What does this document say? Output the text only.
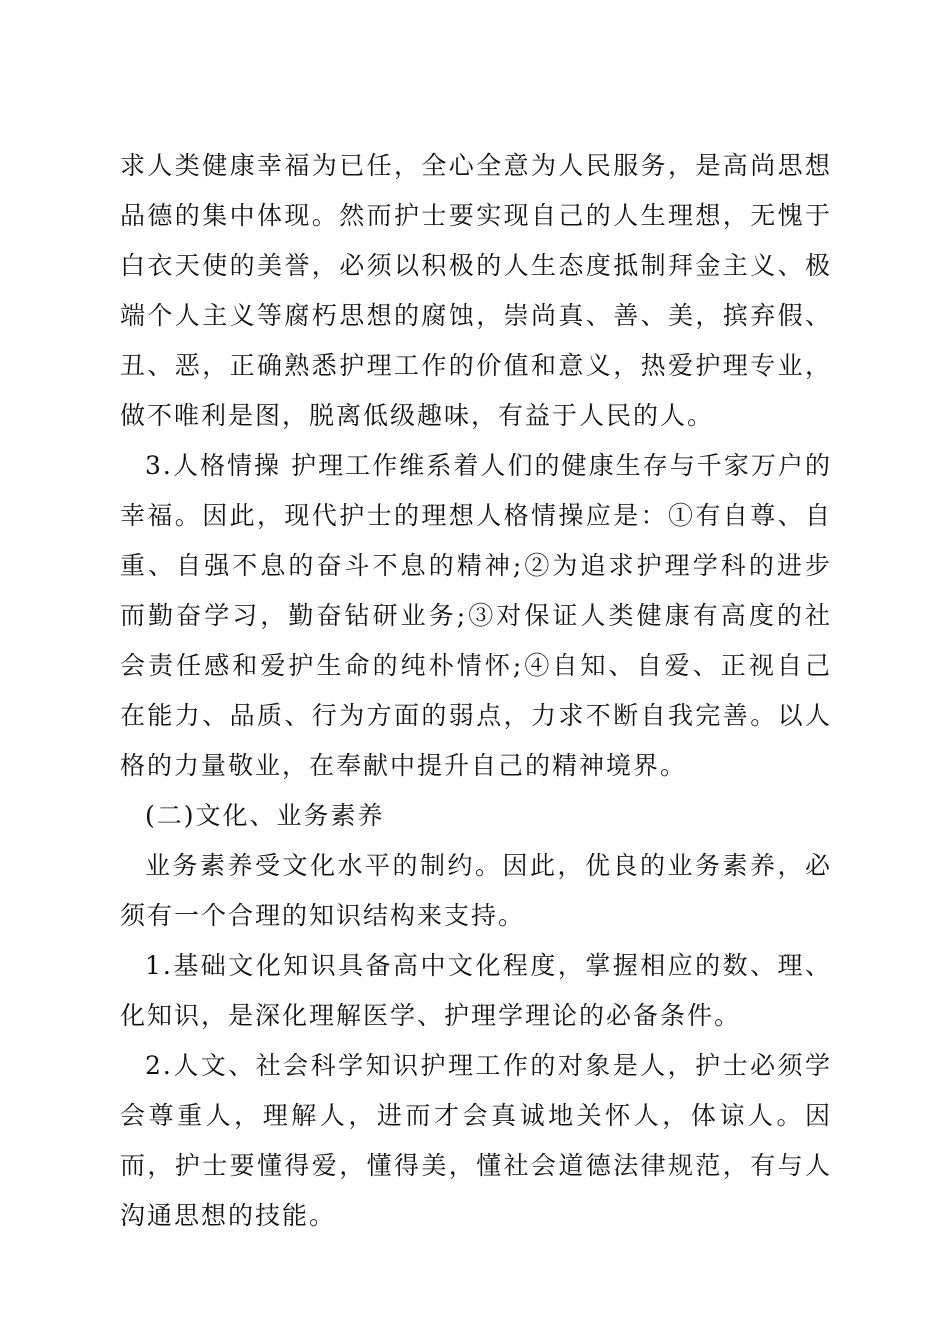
求人类健康幸福为已任，全心全意为人民服务，是高尚思想品德的集中体现。然而护士要实现自己的人生理想，无愧于白衣天使的美誉，必须以积极的人生态度抵制拜金主义、极端个人主义等腐朽思想的腐蚀，崇尚真、善、美，摈弃假、丑、恶，正确熟悉护理工作的价值和意义，热爱护理专业，做不唯利是图，脱离低级趣味，有益于人民的人。

3.人格情操 护理工作维系着人们的健康生存与千家万户的幸福。因此，现代护士的理想人格情操应是：①有自尊、自重、自强不息的奋斗不息的精神;②为追求护理学科的进步而勤奋学习，勤奋钻研业务;③对保证人类健康有高度的社会责任感和爱护生命的纯朴情怀;④自知、自爱、正视自己在能力、品质、行为方面的弱点，力求不断自我完善。以人格的力量敬业，在奉献中提升自己的精神境界。

(二)文化、业务素养

业务素养受文化水平的制约。因此，优良的业务素养，必须有一个合理的知识结构来支持。

1.基础文化知识具备高中文化程度，掌握相应的数、理、化知识，是深化理解医学、护理学理论的必备条件。

2.人文、社会科学知识护理工作的对象是人，护士必须学会尊重人，理解人，进而才会真诚地关怀人，体谅人。因而，护士要懂得爱，懂得美，懂社会道德法律规范，有与人沟通思想的技能。
